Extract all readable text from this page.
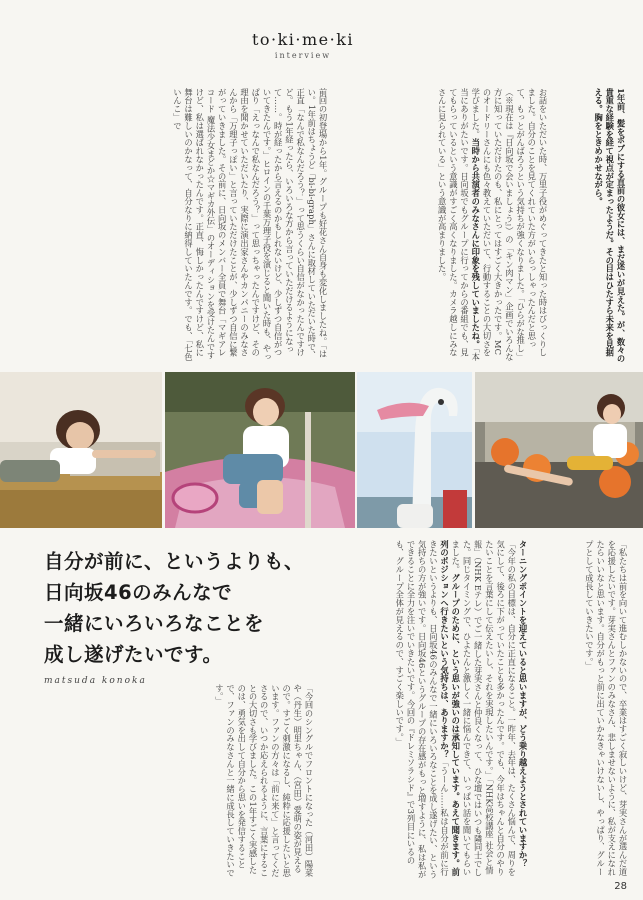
to·ki·me·ki
interview
1年前、髪をボブにする直前の彼女には、まだ迷いが見えた。が、数々の貴重な経験を経て視点が定まったようだ。その目はひたすら未来を見据える。胸をときめかせながら。
前回の初登場から1年。グループも好花さん自身も変化しましたね。「はい。1年前はちょうど「bi-bi-graph」さんに取材していただいた時で、正直「なんで私なんだろう？」って思うくらい自信がなかったんですけど。もう1年経ったら、いろいろな方から言っていただけるようになって……。時が経ったから言えるのかもしれないけど、少しずつ自信がついてきたんです。」ヒロインの千葉万理子役を演じると聞いた時も、やっぱり「えっなんで私なんだろう？」って思っちゃったんですけど、その理由を聞かせていただいたり、実際に演出家さんやカンパニーのみなさんから「万理子っぽい」と言っていただけたことが、少しずつ自信に繋がっていきました。その前に、日向坂のメンバー全員で舞台「マギアレコード 魔法少女まどか☆マギカ外伝」のオーディションを受けたんですけど、私は選ばれなかったんです。正直、悔しかったんですけど、私に舞台は難しいのかなって、自分なりに納得していたんです。でも、「七色いんこ」で	お話をいただいた時、万里子役がめぐってきたと知った時はびっくりしました。自分のことを見てくれていた方がいらっしゃったんだと思って、もっとがんばろうという気持ちが強くなりました。「ひらがな推し」（※現在は『日向坂で会いましょう』）の「キン肉マン」企画でいろんな方に知っていただけたのも、私にとってはすごく大きかったです。MCのオードリーさんにも色々教えていただいて、行動することの大切さを学びました。当時から共演者のみなさんに印象を残していましたね。「本当にありがたいです。日向坂でもグループに行ってからの番組でも、見てもらっているという意識がすごく高くなりました。カメラ越しにみなさんに見られている」という意識が高まりました。
自分が前に、というよりも、
日向坂46のみんなで
一緒にいろいろなことを
成し遂げたいです。
matsuda konoka
「今回のシングルでフロントになった（河田）陽菜や（丹生）明里ちゃん、（宮田）愛萌の姿が見えるので。すごく刺激になるし、純粋に応援したいと思います。ファンの方々は「前に来て」と言ってくださるので、いつか応えられるように、言葉にすることの大切さも学びました。この1年すごく実感したのは、勇気を出して自分から思いを発信することで、ファンのみなさんと一緒に成長していきたいです。」	ターニングポイントを迎えていると思いますが、どう乗り越えようとされていますか？「今年の私の目標は、自分に正直になること。一昨年、去年は、たくさん悩んで、周りを気にして、後ろに下がっていたことも多かったんです。でも、今年はちゃんと自分のやりたいことを言葉にして伝えたいし、それを実現したいんです。」「NHK高校講座 社会と情報」（NHK Eテレ）でご一緒した芽実さんと仲良くなって、ひな壇ではいつも隣同士でした。同じタイミングで、ひよたんと激しく一緒に悩んできて、いっぱい話を聞いてもらいました。グループのために、という思いが強いのは承知しています。あえて聞きます。前列のポジションへ行きたいという気持ちは、ありますか？「うーん……私は自分が前に行きたいというよりも、日向坂46のみんなで一緒にいろいろなことを成し遂げたい、という気持ちの方が強いです。日向坂46というグループの存在感がもっと増すように、私は私ができることに全力を注いでいきたいです。今回の『ドレミソラシド』で3列目にいるのも、グループ全体が見えるので、すごく楽しいです。」	「私たちは前を向いて進むしかないので、卒業はすごく寂しいけど、芽実さんが選んだ道を応援したいです。芽実さんとファンのみなさん、悲しませないように、私が支えになれたらいいなと思います。自分がもっと前に出ていかなきゃいけないし、やっぱり、グループとして成長していきたいです。」
28
